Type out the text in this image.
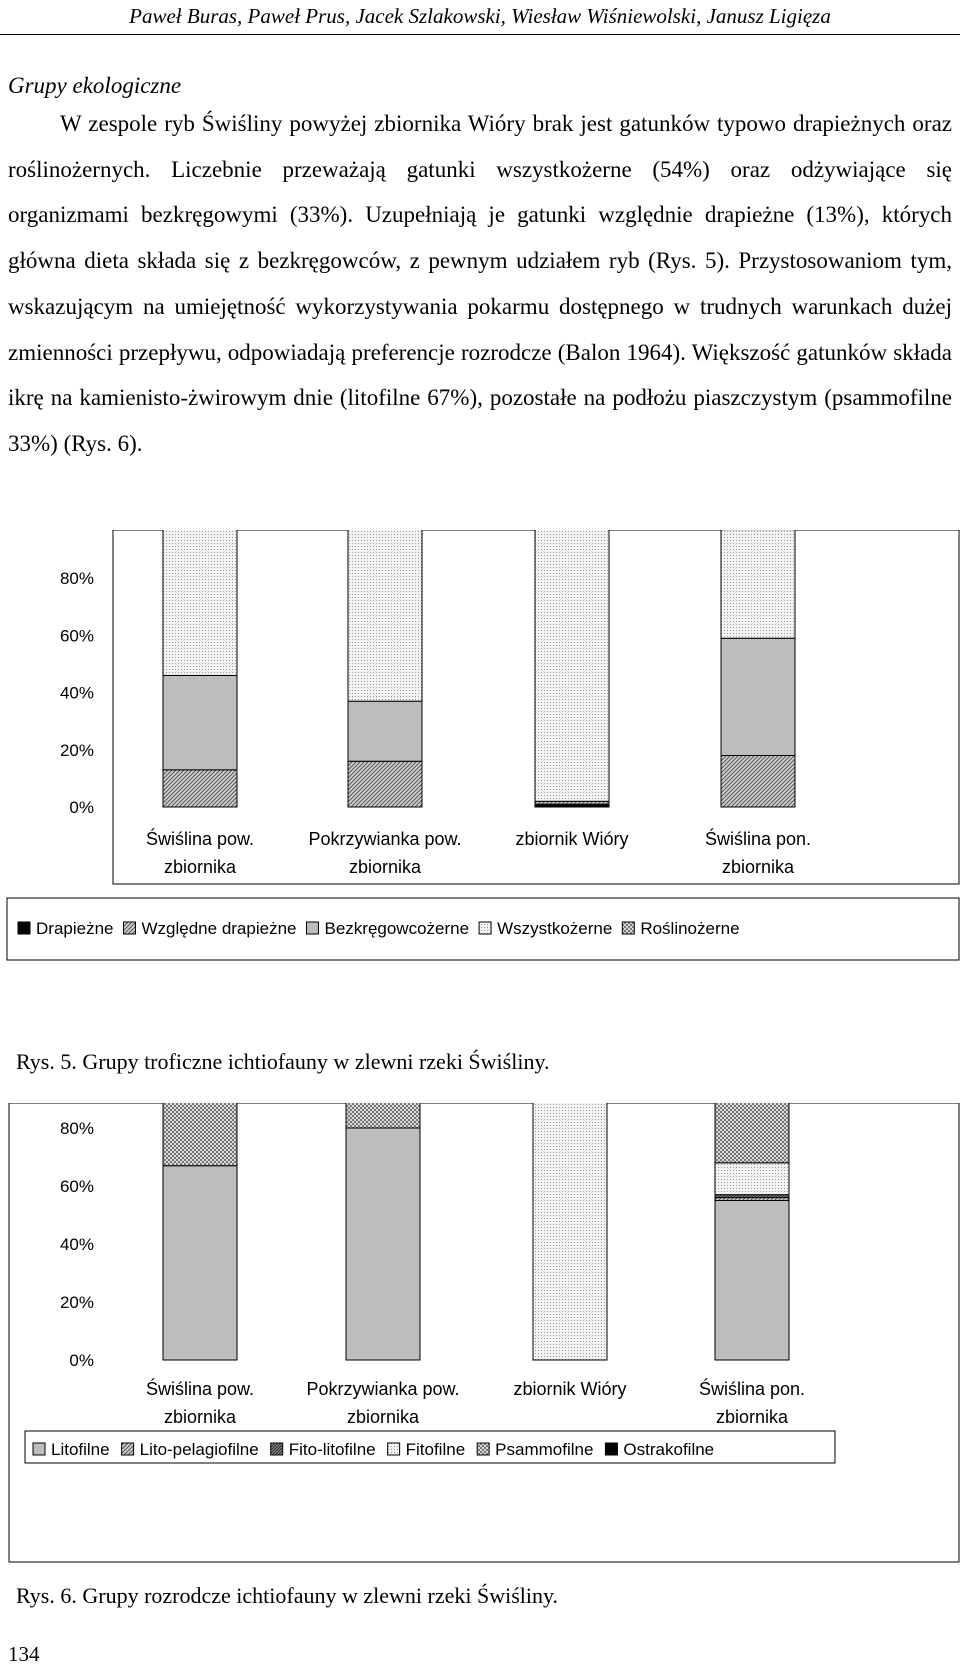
Paweł Buras, Paweł Prus, Jacek Szlakowski, Wiesław Wiśniewolski, Janusz Ligięza
Grupy ekologiczne
W zespole ryb Świśliny powyżej zbiornika Wióry brak jest gatunków typowo drapieżnych oraz roślinożernych. Liczebnie przeważają gatunki wszystkożerne (54%) oraz odżywiające się organizmami bezkręgowymi (33%). Uzupełniają je gatunki względnie drapieżne (13%), których główna dieta składa się z bezkręgowców, z pewnym udziałem ryb (Rys. 5). Przystosowaniom tym, wskazującym na umiejętność wykorzystywania pokarmu dostępnego w trudnych warunkach dużej zmienności przepływu, odpowiadają preferencje rozrodcze (Balon 1964). Większość gatunków składa ikrę na kamienisto-żwirowym dnie (litofilne 67%), pozostałe na podłożu piaszczystym (psammofilne 33%) (Rys. 6).
0%
20%
40%
60%
80%
Świślina pow.
zbiornika
Pokrzywianka pow.
zbiornika
zbiornik Wióry	Świślina pon.
zbiornika
Drapieżne Względne drapieżne Bezkręgowcożerne Wszystkożerne Roślinożerne
Rys. 5. Grupy troficzne ichtiofauny w zlewni rzeki Świśliny.
0%
20%
40%
60%
80%
Świślina pow.
zbiornika
Pokrzywianka pow.
zbiornika
zbiornik Wióry	Świślina pon.
zbiornika
Litofilne Lito-pelagiofilne Fito-litofilne Fitofilne Psammofilne Ostrakofilne
Rys. 6. Grupy rozrodcze ichtiofauny w zlewni rzeki Świśliny.
134
